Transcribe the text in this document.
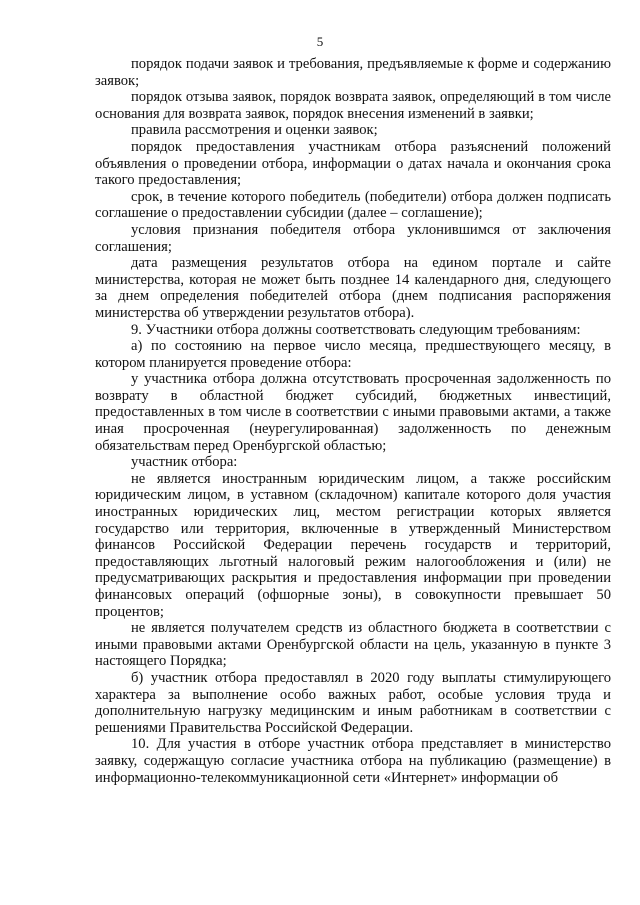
5

порядок подачи заявок и требования, предъявляемые к форме и содержанию заявок;

порядок отзыва заявок, порядок возврата заявок, определяющий в том числе основания для возврата заявок, порядок внесения изменений в заявки;

правила рассмотрения и оценки заявок;

порядок предоставления участникам отбора разъяснений положений объявления о проведении отбора, информации о датах начала и окончания срока такого предоставления;

срок, в течение которого победитель (победители) отбора должен подписать соглашение о предоставлении субсидии (далее – соглашение);

условия признания победителя отбора уклонившимся от заключения соглашения;

дата размещения результатов отбора на едином портале и сайте министерства, которая не может быть позднее 14 календарного дня, следующего за днем определения победителей отбора (днем подписания распоряжения министерства об утверждении результатов отбора).

9. Участники отбора должны соответствовать следующим требованиям:

а) по состоянию на первое число месяца, предшествующего месяцу, в котором планируется проведение отбора:

у участника отбора должна отсутствовать просроченная задолженность по возврату в областной бюджет субсидий, бюджетных инвестиций, предоставленных в том числе в соответствии с иными правовыми актами, а также иная просроченная (неурегулированная) задолженность по денежным обязательствам перед Оренбургской областью;

участник отбора:

не является иностранным юридическим лицом, а также российским юридическим лицом, в уставном (складочном) капитале которого доля участия иностранных юридических лиц, местом регистрации которых является государство или территория, включенные в утвержденный Министерством финансов Российской Федерации перечень государств и территорий, предоставляющих льготный налоговый режим налогообложения и (или) не предусматривающих раскрытия и предоставления информации при проведении финансовых операций (офшорные зоны), в совокупности превышает 50 процентов;

не является получателем средств из областного бюджета в соответствии с иными правовыми актами Оренбургской области на цель, указанную в пункте 3 настоящего Порядка;

б) участник отбора предоставлял в 2020 году выплаты стимулирующего характера за выполнение особо важных работ, особые условия труда и дополнительную нагрузку медицинским и иным работникам в соответствии с решениями Правительства Российской Федерации.

10. Для участия в отборе участник отбора представляет в министерство заявку, содержащую согласие участника отбора на публикацию (размещение) в информационно-телекоммуникационной сети «Интернет» информации об
